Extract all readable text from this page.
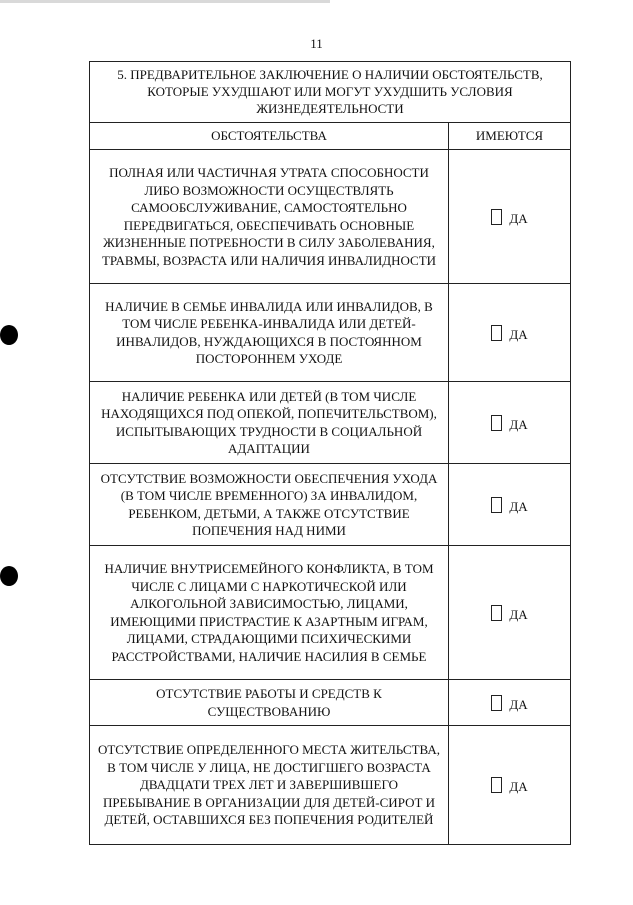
11
5. ПРЕДВАРИТЕЛЬНОЕ ЗАКЛЮЧЕНИЕ О НАЛИЧИИ ОБСТОЯТЕЛЬСТВ, КОТОРЫЕ УХУДШАЮТ ИЛИ МОГУТ УХУДШИТЬ УСЛОВИЯ ЖИЗНЕДЕЯТЕЛЬНОСТИ
ОБСТОЯТЕЛЬСТВА	ИМЕЮТСЯ
ПОЛНАЯ ИЛИ ЧАСТИЧНАЯ УТРАТА СПОСОБНОСТИ ЛИБО ВОЗМОЖНОСТИ ОСУЩЕСТВЛЯТЬ САМООБСЛУЖИВАНИЕ, САМОСТОЯТЕЛЬНО ПЕРЕДВИГАТЬСЯ, ОБЕСПЕЧИВАТЬ ОСНОВНЫЕ ЖИЗНЕННЫЕ ПОТРЕБНОСТИ В СИЛУ ЗАБОЛЕВАНИЯ, ТРАВМЫ, ВОЗРАСТА ИЛИ НАЛИЧИЯ ИНВАЛИДНОСТИ
ДА
НАЛИЧИЕ В СЕМЬЕ ИНВАЛИДА ИЛИ ИНВАЛИДОВ, В ТОМ ЧИСЛЕ РЕБЕНКА-ИНВАЛИДА ИЛИ ДЕТЕЙ-ИНВАЛИДОВ, НУЖДАЮЩИХСЯ В ПОСТОЯННОМ ПОСТОРОННЕМ УХОДЕ
ДА
НАЛИЧИЕ РЕБЕНКА ИЛИ ДЕТЕЙ (В ТОМ ЧИСЛЕ НАХОДЯЩИХСЯ ПОД ОПЕКОЙ, ПОПЕЧИТЕЛЬСТВОМ), ИСПЫТЫВАЮЩИХ ТРУДНОСТИ В СОЦИАЛЬНОЙ АДАПТАЦИИ
ДА
ОТСУТСТВИЕ ВОЗМОЖНОСТИ ОБЕСПЕЧЕНИЯ УХОДА (В ТОМ ЧИСЛЕ ВРЕМЕННОГО) ЗА ИНВАЛИДОМ, РЕБЕНКОМ, ДЕТЬМИ, А ТАКЖЕ ОТСУТСТВИЕ ПОПЕЧЕНИЯ НАД НИМИ
ДА
НАЛИЧИЕ ВНУТРИСЕМЕЙНОГО КОНФЛИКТА, В ТОМ ЧИСЛЕ С ЛИЦАМИ С НАРКОТИЧЕСКОЙ ИЛИ АЛКОГОЛЬНОЙ ЗАВИСИМОСТЬЮ, ЛИЦАМИ, ИМЕЮЩИМИ ПРИСТРАСТИЕ К АЗАРТНЫМ ИГРАМ, ЛИЦАМИ, СТРАДАЮЩИМИ ПСИХИЧЕСКИМИ РАССТРОЙСТВАМИ, НАЛИЧИЕ НАСИЛИЯ В СЕМЬЕ
ДА
ОТСУТСТВИЕ РАБОТЫ И СРЕДСТВ К СУЩЕСТВОВАНИЮ	ДА
ОТСУТСТВИЕ ОПРЕДЕЛЕННОГО МЕСТА ЖИТЕЛЬСТВА, В ТОМ ЧИСЛЕ У ЛИЦА, НЕ ДОСТИГШЕГО ВОЗРАСТА ДВАДЦАТИ ТРЕХ ЛЕТ И ЗАВЕРШИВШЕГО ПРЕБЫВАНИЕ В ОРГАНИЗАЦИИ ДЛЯ ДЕТЕЙ-СИРОТ И ДЕТЕЙ, ОСТАВШИХСЯ БЕЗ ПОПЕЧЕНИЯ РОДИТЕЛЕЙ
ДА
